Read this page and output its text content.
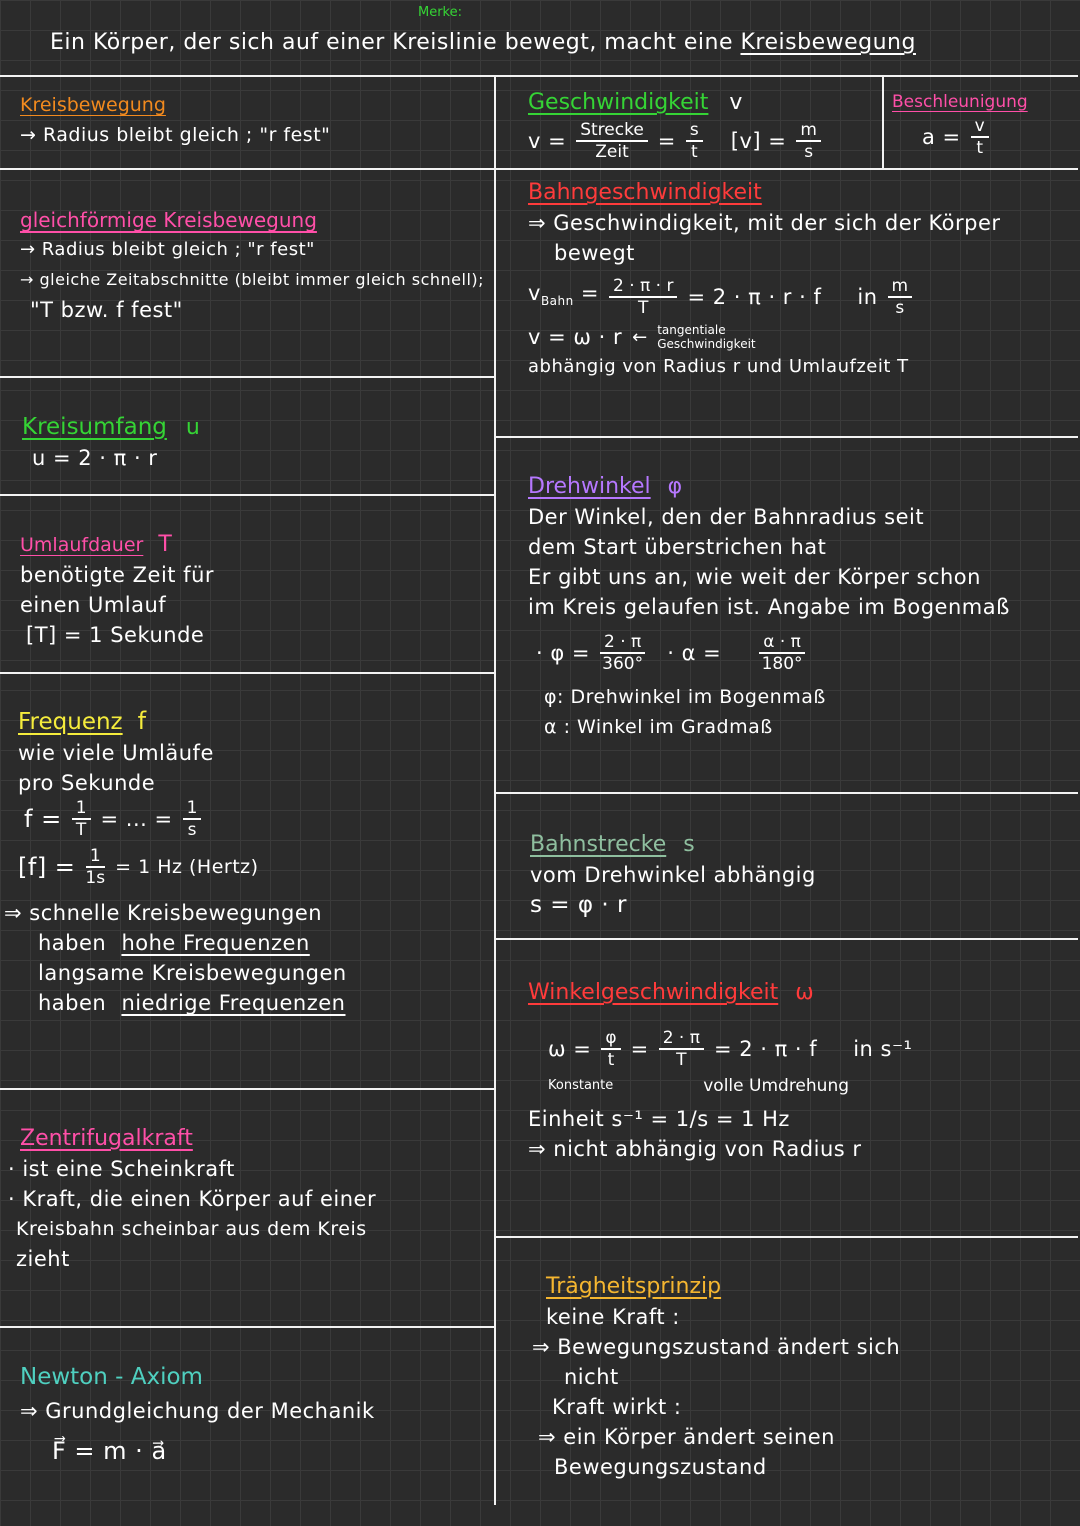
Merke:
Ein Körper, der sich auf einer Kreislinie bewegt, macht eine Kreisbewegung
Kreisbewegung
→ Radius bleibt gleich ; "r fest"
Geschwindigkeit v
$v = \frac{\text{Strecke}}{\text{Zeit}} = \frac{s}{t} [v] = \frac{m}{s}$
Beschleunigung
$a = \frac{v}{t}$
gleichförmige Kreisbewegung
→ Radius bleibt gleich ; "r fest"
→ gleiche Zeitabschnitte (bleibt immer gleich schnell);
"T bzw. f fest"
Bahngeschwindigkeit
⇒ Geschwindigkeit, mit der sich der Körper
bewegt
$v_{Bahn} = \frac{2 \cdot \pi \cdot r}{T} = 2 \cdot \pi \cdot r \cdot f$ in $\frac{m}{s}$
v = ω · r ← tangentiale Geschwindigkeit
abhängig von Radius r und Umlaufzeit T
Kreisumfang u
u = 2 · π · r
Drehwinkel φ
Der Winkel, den der Bahnradius seit
dem Start überstrichen hat
Er gibt uns an, wie weit der Körper schon
im Kreis gelaufen ist. Angabe im Bogenmaß
· $\varphi = \frac{2 \cdot \pi}{360^\circ} \cdot \alpha = \frac{\alpha \cdot \pi}{180^\circ}$
φ: Drehwinkel im Bogenmaß
α : Winkel im Gradmaß
Umlaufdauer T
benötigte Zeit für
einen Umlauf
[T] = 1 Sekunde
Frequenz f
wie viele Umläufe
pro Sekunde
$f = \frac{1}{T}$ = ... = $\frac{1}{s}$
$[f] = \frac{1}{1s} = 1$ Hz (Hertz)
⇒ schnelle Kreisbewegungen
haben hohe Frequenzen
langsame Kreisbewegungen
haben niedrige Frequenzen
Bahnstrecke s
vom Drehwinkel abhängig
s = φ · r
Winkelgeschwindigkeit ω
$\omega = \frac{\varphi}{t} = \frac{2 \cdot \pi}{T} = 2 \cdot \pi \cdot f$ in s⁻¹
Konstante	volle Umdrehung
Einheit s⁻¹ = 1/s = 1 Hz
⇒ nicht abhängig von Radius r
Zentrifugalkraft
· ist eine Scheinkraft
· Kraft, die einen Körper auf einer
Kreisbahn scheinbar aus dem Kreis
zieht
Trägheitsprinzip
keine Kraft :
⇒ Bewegungszustand ändert sich
nicht
Kraft wirkt :
⇒ ein Körper ändert seinen
Bewegungszustand
Newton - Axiom
⇒ Grundgleichung der Mechanik
F⃗ = m · a⃗
